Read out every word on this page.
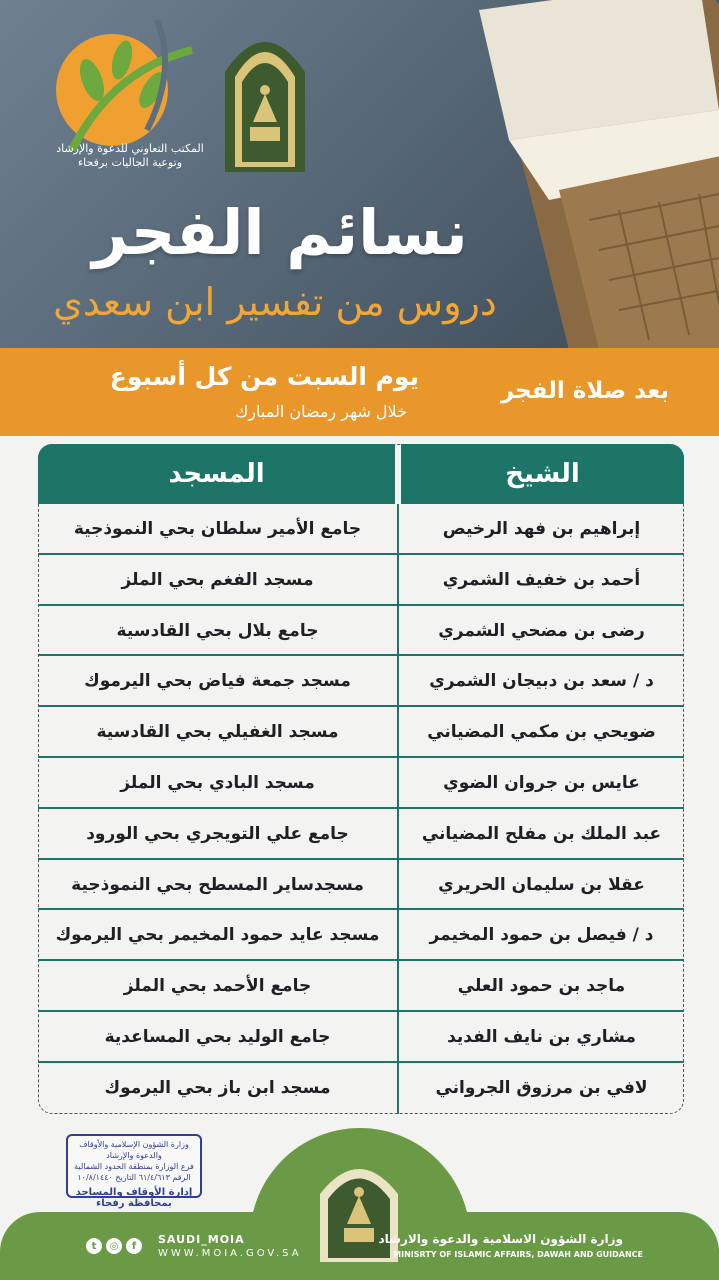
المكتب التعاوني للدعوة والإرشاد
وتوعية الجاليات برفحاء
نسائم الفجر
دروس من تفسير ابن سعدي
يوم السبت من كل أسبوع
خلال شهر رمضان المبارك
بعد صلاة الفجر
المسجد	الشيخ
جامع الأمير سلطان بحي النموذجية	إبراهيم بن فهد الرخيص
مسجد الفغم بحي الملز	أحمد بن خفيف الشمري
جامع بلال بحي القادسية	رضى بن مضحي الشمري
مسجد جمعة فياض بحي اليرموك	د / سعد بن دبيجان الشمري
مسجد الغفيلي بحي القادسية	ضويحي بن مكمي المضياني
مسجد البادي بحي الملز	عايس بن جروان الضوي
جامع علي التويجري بحي الورود	عبد الملك بن مفلح المضياني
مسجدساير المسطح بحي النموذجية	عقلا بن سليمان الحريري
مسجد عايد حمود المخيمر بحي اليرموك	د / فيصل بن حمود المخيمر
جامع الأحمد بحي الملز	ماجد بن حمود العلي
جامع الوليد بحي المساعدية	مشاري بن نايف الفديد
مسجد ابن باز بحي اليرموك	لافي بن مرزوق الجرواني
وزارة الشؤون الإسلامية والأوقاف والدعوة والإرشاد
فرع الوزارة بمنطقة الحدود الشمالية
الرقم ٦١/٤/٦١٣ التاريخ ١٠/٨/١٤٤٠
إدارة الأوقاف والمساجد بمحافظة رفحاء
t	◎	f	SAUDI_MOIA
WWW.MOIA.GOV.SA
وزارة الشؤون الاسلامية والدعوة والارشاد
MINISRTY OF ISLAMIC AFFAIRS, DAWAH AND GUIDANCE
